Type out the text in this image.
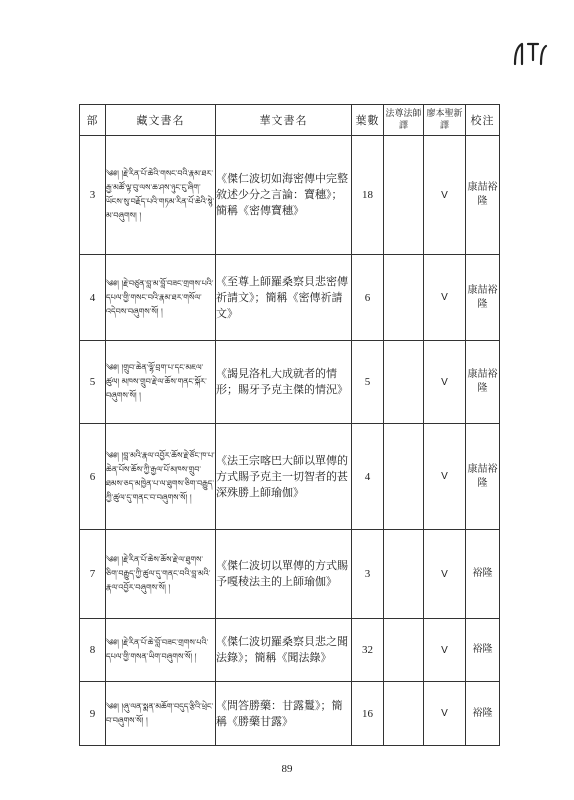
部	藏文書名	華文書名	葉數	法尊法師譯	廖本聖新譯	校注
3	༄༅། །རྗེ་རིན་པོ་ཆེའི་གསང་བའི་རྣམ་ཐར་རྒྱ་མཚོ་ལྟ་བུ་ལས་ཆ་ཤས་ཉུང་ངུ་ཞིག་ཡོངས་སུ་བརྗོད་པའི་གཏམ་རིན་པོ་ཆེའི་སྙེ་མ་བཞུགས། །	《傑仁波切如海密傳中完整敘述少分之言論：寶穗》；簡稱《密傳寶穗》	18		V	康喆裕隆
4	༄༅། །རྗེ་བཙུན་བླ་མ་བློ་བཟང་གྲགས་པའི་དཔལ་གྱི་གསང་བའི་རྣམ་ཐར་གསོལ་འདེབས་བཞུགས་སོ། །	《至尊上師羅桑察貝悲密傳祈請文》；簡稱《密傳祈請文》	6		V	康喆裕隆
5	༄༅། །གྲུབ་ཆེན་ལྷོ་བྲག་པ་དང་མཇལ་ཚུལ། མཁས་གྲུབ་རྗེ་ལ་ཆོས་གནང་སྐོར་བཞུགས་སོ། །	《謁見洛札大成就者的情形；賜牙予克主傑的情況》	5		V	康喆裕隆
6	༄༅། །བླ་མའི་རྣལ་འབྱོར་ཆོས་རྗེ་ཙོང་ཁ་པ་ཆེན་པོས་ཆོས་ཀྱི་རྒྱལ་པོ་མཁས་གྲུབ་ཐམས་ཅད་མཁྱེན་པ་ལ་ཐུགས་ཅིག་བརྒྱུད་ཀྱི་ཚུལ་དུ་གནང་བ་བཞུགས་སོ། །	《法王宗喀巴大師以單傳的方式賜予克主一切智者的甚深殊勝上師瑜伽》	4		V	康喆裕隆
7	༄༅། །རྗེ་རིན་པོ་ཆེས་ཆོས་རྗེ་ལ་ཐུགས་ཅིག་བརྒྱུད་ཀྱི་ཚུལ་དུ་གནང་བའི་བླ་མའི་རྣལ་འབྱོར་བཞུགས་སོ། །	《傑仁波切以單傳的方式賜予嘎稜法主的上師瑜伽》	3		V	裕隆
8	༄༅། །རྗེ་རིན་པོ་ཆེ་བློ་བཟང་གྲགས་པའི་དཔལ་གྱི་གསན་ཡིག་བཞུགས་སོ། །	《傑仁波切羅桑察貝悲之聞法錄》；簡稱《聞法錄》	32		V	裕隆
9	༄༅། །ཞུ་ལན་སྨན་མཆོག་བདུད་རྩིའི་ཕྲེང་བ་བཞུགས་སོ། །	《問答勝藥：甘露鬘》；簡稱《勝藥甘露》	16		V	裕隆
89
